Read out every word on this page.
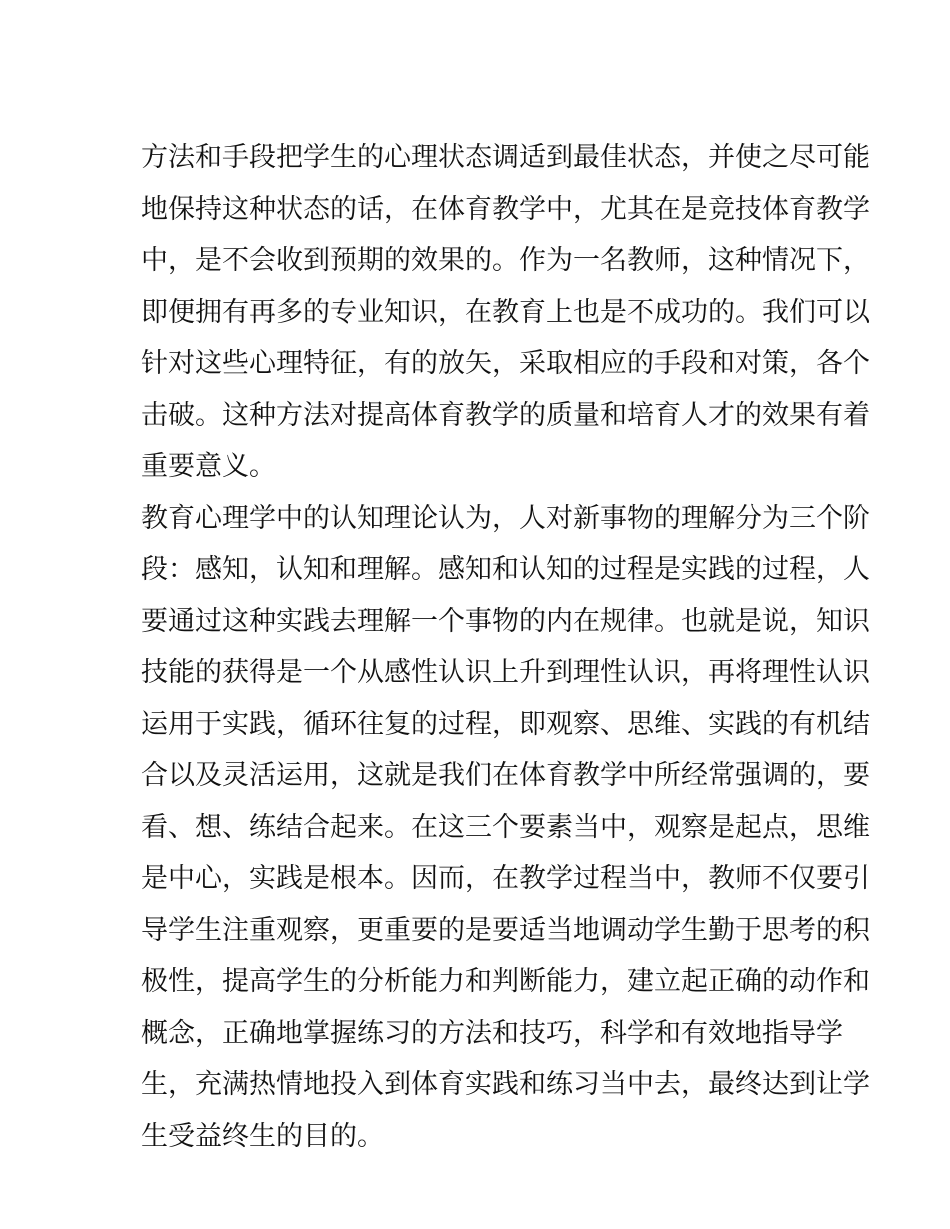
方法和手段把学生的心理状态调适到最佳状态，并使之尽可能
地保持这种状态的话，在体育教学中，尤其在是竞技体育教学
中，是不会收到预期的效果的。作为一名教师，这种情况下，
即便拥有再多的专业知识，在教育上也是不成功的。我们可以
针对这些心理特征，有的放矢，采取相应的手段和对策，各个
击破。这种方法对提高体育教学的质量和培育人才的效果有着
重要意义。
教育心理学中的认知理论认为，人对新事物的理解分为三个阶
段：感知，认知和理解。感知和认知的过程是实践的过程，人
要通过这种实践去理解一个事物的内在规律。也就是说，知识
技能的获得是一个从感性认识上升到理性认识，再将理性认识
运用于实践，循环往复的过程，即观察、思维、实践的有机结
合以及灵活运用，这就是我们在体育教学中所经常强调的，要
看、想、练结合起来。在这三个要素当中，观察是起点，思维
是中心，实践是根本。因而，在教学过程当中，教师不仅要引
导学生注重观察，更重要的是要适当地调动学生勤于思考的积
极性，提高学生的分析能力和判断能力，建立起正确的动作和
概念，正确地掌握练习的方法和技巧，科学和有效地指导学
生，充满热情地投入到体育实践和练习当中去，最终达到让学
生受益终生的目的。
